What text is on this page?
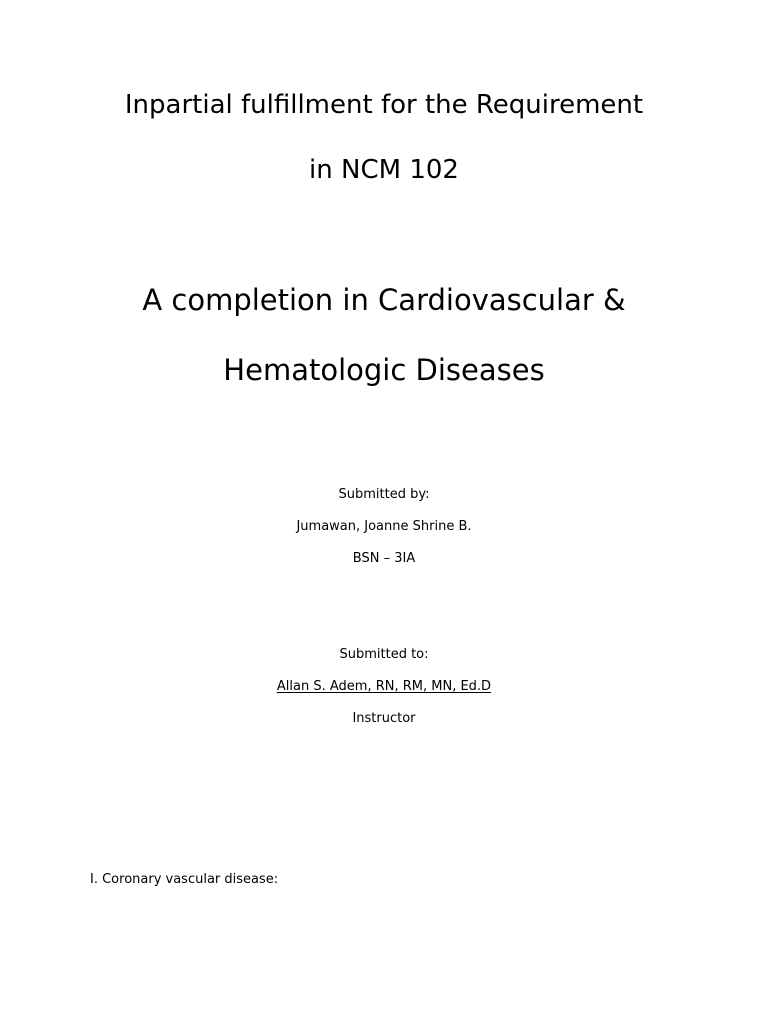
Inpartial fulfillment for the Requirement
in NCM 102
A completion in Cardiovascular &
Hematologic Diseases
Submitted by:
Jumawan, Joanne Shrine B.
BSN – 3IA
Submitted to:
Allan S. Adem, RN, RM, MN, Ed.D
Instructor
I. Coronary vascular disease:
